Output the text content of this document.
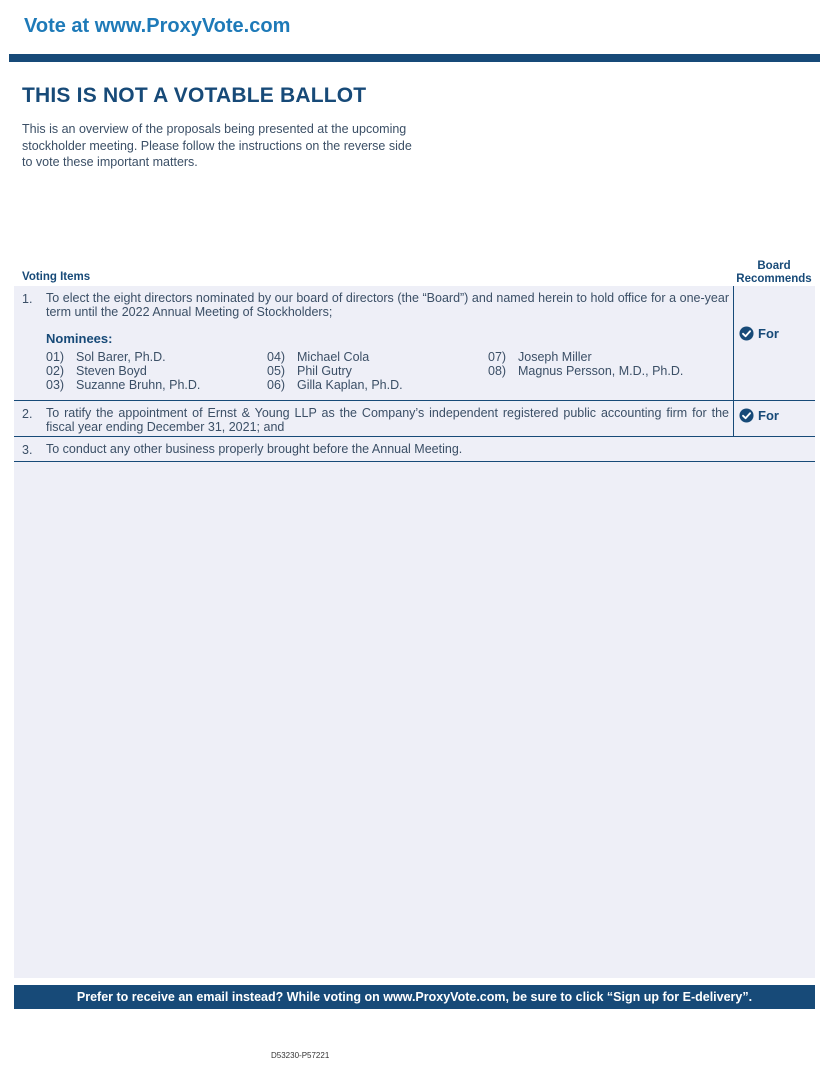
Vote at www.ProxyVote.com
THIS IS NOT A VOTABLE BALLOT

This is an overview of the proposals being presented at the upcoming stockholder meeting. Please follow the instructions on the reverse side to vote these important matters.

Voting Items
Board Recommends
1. To elect the eight directors nominated by our board of directors (the “Board”) and named herein to hold office for a one-year term until the 2022 Annual Meeting of Stockholders;

Nominees:
01) Sol Barer, Ph.D.
02) Steven Boyd
03) Suzanne Bruhn, Ph.D.
04) Michael Cola
05) Phil Gutry
06) Gilla Kaplan, Ph.D.
07) Joseph Miller
08) Magnus Persson, M.D., Ph.D.
For
2. To ratify the appointment of Ernst & Young LLP as the Company’s independent registered public accounting firm for the fiscal year ending December 31, 2021; and

For
3. To conduct any other business properly brought before the Annual Meeting.

Prefer to receive an email instead? While voting on www.ProxyVote.com, be sure to click “Sign up for E-delivery”.
D53230-P57221
